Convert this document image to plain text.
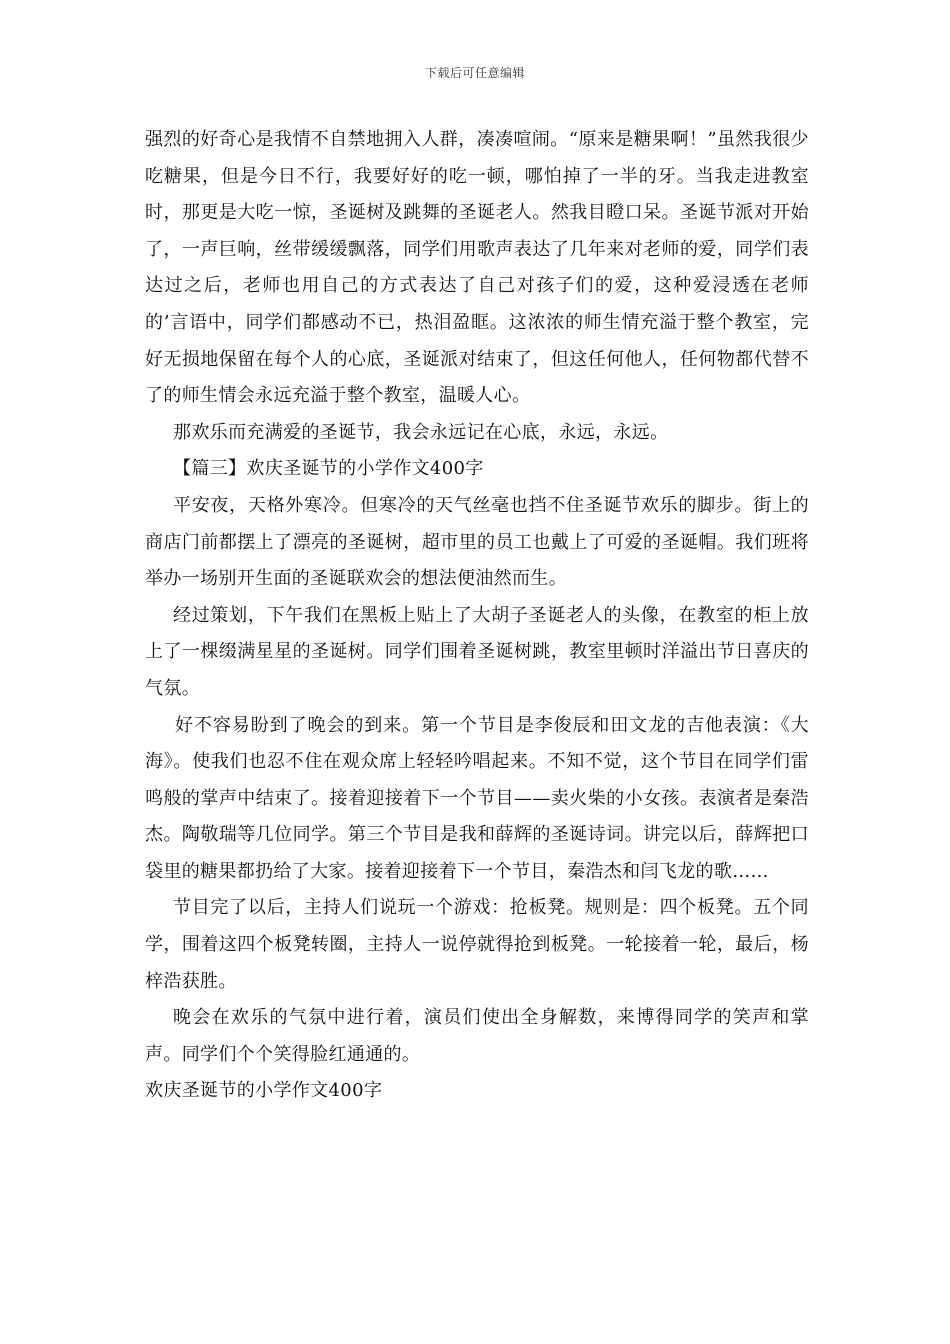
下载后可任意编辑

强烈的好奇心是我情不自禁地拥入人群，凑凑喧闹。“原来是糖果啊！”虽然我很少吃糖果，但是今日不行，我要好好的吃一顿，哪怕掉了一半的牙。当我走进教室时，那更是大吃一惊，圣诞树及跳舞的圣诞老人。然我目瞪口呆。圣诞节派对开始了，一声巨响，丝带缓缓飘落，同学们用歌声表达了几年来对老师的爱，同学们表达过之后，老师也用自己的方式表达了自己对孩子们的爱，这种爱浸透在老师的’言语中，同学们都感动不已，热泪盈眶。这浓浓的师生情充溢于整个教室，完好无损地保留在每个人的心底，圣诞派对结束了，但这任何他人，任何物都代替不了的师生情会永远充溢于整个教室，温暖人心。

那欢乐而充满爱的圣诞节，我会永远记在心底，永远，永远。

【篇三】欢庆圣诞节的小学作文400字

平安夜，天格外寒冷。但寒冷的天气丝毫也挡不住圣诞节欢乐的脚步。街上的商店门前都摆上了漂亮的圣诞树，超市里的员工也戴上了可爱的圣诞帽。我们班将举办一场别开生面的圣诞联欢会的想法便油然而生。

经过策划，下午我们在黑板上贴上了大胡子圣诞老人的头像，在教室的柜上放上了一棵缀满星星的圣诞树。同学们围着圣诞树跳，教室里顿时洋溢出节日喜庆的气氛。

好不容易盼到了晚会的到来。第一个节目是李俊辰和田文龙的吉他表演：《大海》。使我们也忍不住在观众席上轻轻吟唱起来。不知不觉，这个节目在同学们雷鸣般的掌声中结束了。接着迎接着下一个节目——卖火柴的小女孩。表演者是秦浩杰。陶敬瑞等几位同学。第三个节目是我和薛辉的圣诞诗词。讲完以后，薛辉把口袋里的糖果都扔给了大家。接着迎接着下一个节目，秦浩杰和闫飞龙的歌……

节目完了以后，主持人们说玩一个游戏：抢板凳。规则是：四个板凳。五个同学，围着这四个板凳转圈，主持人一说停就得抢到板凳。一轮接着一轮，最后，杨梓浩获胜。

晚会在欢乐的气氛中进行着，演员们使出全身解数，来博得同学的笑声和掌声。同学们个个笑得脸红通通的。

欢庆圣诞节的小学作文400字
